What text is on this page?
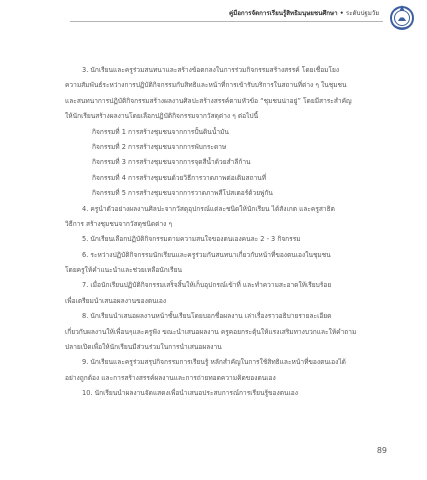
คู่มือการจัดการเรียนรู้สิทธิมนุษยชนศึกษา • ระดับปฐมวัย
3. นักเรียนและครูร่วมสนทนาและสร้างข้อตกลงในการร่วมกิจกรรมสร้างสรรค์ โดยเชื่อมโยง
ความสัมพันธ์ระหว่างการปฏิบัติกิจกรรมกับสิทธิและหน้าที่การเข้ารับบริการในสถานที่ต่าง ๆ ในชุมชน
และสนทนาการปฏิบัติกิจกรรมสร้างผลงานศิลปะสร้างสรรค์ตามหัวข้อ “ชุมชนน่าอยู่” โดยมีสาระสำคัญ
ให้นักเรียนสร้างผลงานโดยเลือกปฏิบัติกิจกรรมจากวัสดุต่าง ๆ ต่อไปนี้
กิจกรรมที่ 1 การสร้างชุมชนจากการปั้นดินน้ำมัน
กิจกรรมที่ 2 การสร้างชุมชนจากการพับกระดาษ
กิจกรรมที่ 3 การสร้างชุมชนจากการจุดสีน้ำด้วยสำลีก้าน
กิจกรรมที่ 4 การสร้างชุมชนด้วยวิธีการวาดภาพต่อเติมสถานที่
กิจกรรมที่ 5 การสร้างชุมชนจากการวาดภาพสีโปสเตอร์ด้วยพู่กัน
4. ครูนำตัวอย่างผลงานศิลปะจากวัสดุอุปกรณ์แต่ละชนิดให้นักเรียน ได้สังเกต และครูสาธิต
วิธีการ สร้างชุมชนจากวัสดุชนิดต่าง ๆ
5. นักเรียนเลือกปฏิบัติกิจกรรมตามความสนใจของตนเองคนละ 2 - 3 กิจกรรม
6. ระหว่างปฏิบัติกิจกรรมนักเรียนและครูร่วมกันสนทนาเกี่ยวกับหน้าที่ของตนเองในชุมชน
โดยครูให้คำแนะนำและช่วยเหลือนักเรียน
7. เมื่อนักเรียนปฏิบัติกิจกรรมเสร็จสิ้นให้เก็บอุปกรณ์เข้าที่ และทำความสะอาดให้เรียบร้อย
เพื่อเตรียมนำเสนอผลงานของตนเอง
8. นักเรียนนำเสนอผลงานหน้าชั้นเรียนโดยบอกชื่อผลงาน เล่าเรื่องราวอธิบายรายละเอียด
เกี่ยวกับผลงานให้เพื่อนๆและครูฟัง ขณะนำเสนอผลงาน ครูคอยกระตุ้นให้แรงเสริมทางบวกและให้คำถาม
ปลายเปิดเพื่อให้นักเรียนมีส่วนร่วมในการนำเสนอผลงาน
9. นักเรียนและครูร่วมสรุปกิจกรรมการเรียนรู้ หลักสำคัญในการใช้สิทธิและหน้าที่ของตนเองได้
อย่างถูกต้อง และการสร้างสรรค์ผลงานและการถ่ายทอดความคิดของตนเอง
10. นักเรียนนำผลงานจัดแสดงเพื่อนำเสนอประสบการณ์การเรียนรู้ของตนเอง
89
